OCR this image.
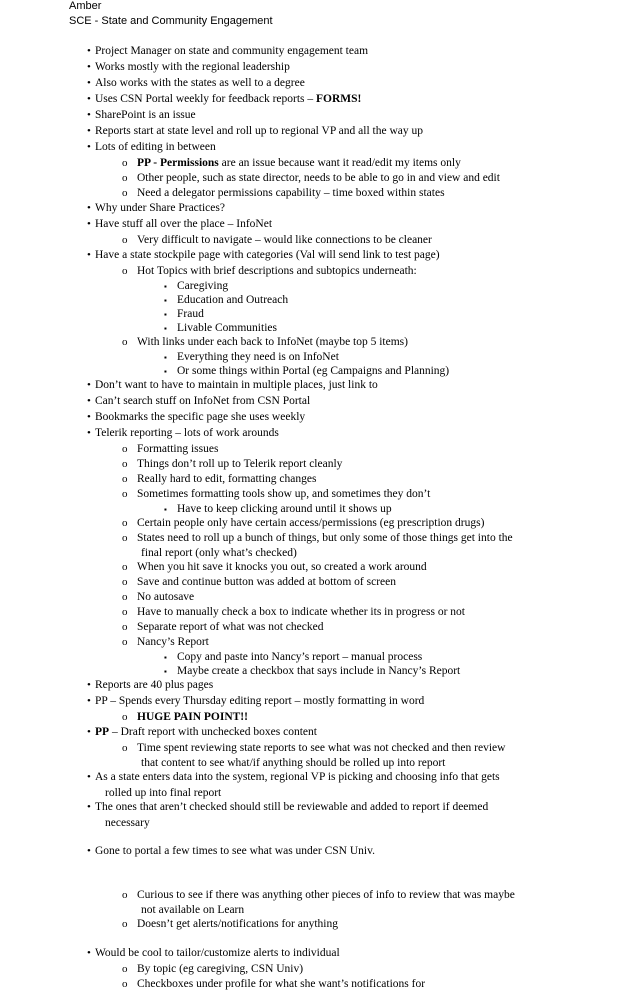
Amber
SCE - State and Community Engagement
• Project Manager on state and community engagement team
• Works mostly with the regional leadership
• Also works with the states as well to a degree
• Uses CSN Portal weekly for feedback reports – FORMS!
• SharePoint is an issue
• Reports start at state level and roll up to regional VP and all the way up
• Lots of editing in between
o PP - Permissions are an issue because want it read/edit my items only
o Other people, such as state director, needs to be able to go in and view and edit
o Need a delegator permissions capability – time boxed within states
• Why under Share Practices?
• Have stuff all over the place – InfoNet
o Very difficult to navigate – would like connections to be cleaner
• Have a state stockpile page with categories (Val will send link to test page)
o Hot Topics with brief descriptions and subtopics underneath:
▪ Caregiving
▪ Education and Outreach
▪ Fraud
▪ Livable Communities
o With links under each back to InfoNet (maybe top 5 items)
▪ Everything they need is on InfoNet
▪ Or some things within Portal (eg Campaigns and Planning)
• Don’t want to have to maintain in multiple places, just link to
• Can’t search stuff on InfoNet from CSN Portal
• Bookmarks the specific page she uses weekly
• Telerik reporting – lots of work arounds
o Formatting issues
o Things don’t roll up to Telerik report cleanly
o Really hard to edit, formatting changes
o Sometimes formatting tools show up, and sometimes they don’t
▪ Have to keep clicking around until it shows up
o Certain people only have certain access/permissions (eg prescription drugs)
o States need to roll up a bunch of things, but only some of those things get into the
final report (only what’s checked)
o When you hit save it knocks you out, so created a work around
o Save and continue button was added at bottom of screen
o No autosave
o Have to manually check a box to indicate whether its in progress or not
o Separate report of what was not checked
o Nancy’s Report
▪ Copy and paste into Nancy’s report – manual process
▪ Maybe create a checkbox that says include in Nancy’s Report
• Reports are 40 plus pages
• PP – Spends every Thursday editing report – mostly formatting in word
o HUGE PAIN POINT!!
• PP – Draft report with unchecked boxes content
o Time spent reviewing state reports to see what was not checked and then review
that content to see what/if anything should be rolled up into report
• As a state enters data into the system, regional VP is picking and choosing info that gets
rolled up into final report
• The ones that aren’t checked should still be reviewable and added to report if deemed
necessary
• Gone to portal a few times to see what was under CSN Univ.
o Curious to see if there was anything other pieces of info to review that was maybe
not available on Learn
o Doesn’t get alerts/notifications for anything
• Would be cool to tailor/customize alerts to individual
o By topic (eg caregiving, CSN Univ)
o Checkboxes under profile for what she want’s notifications for
